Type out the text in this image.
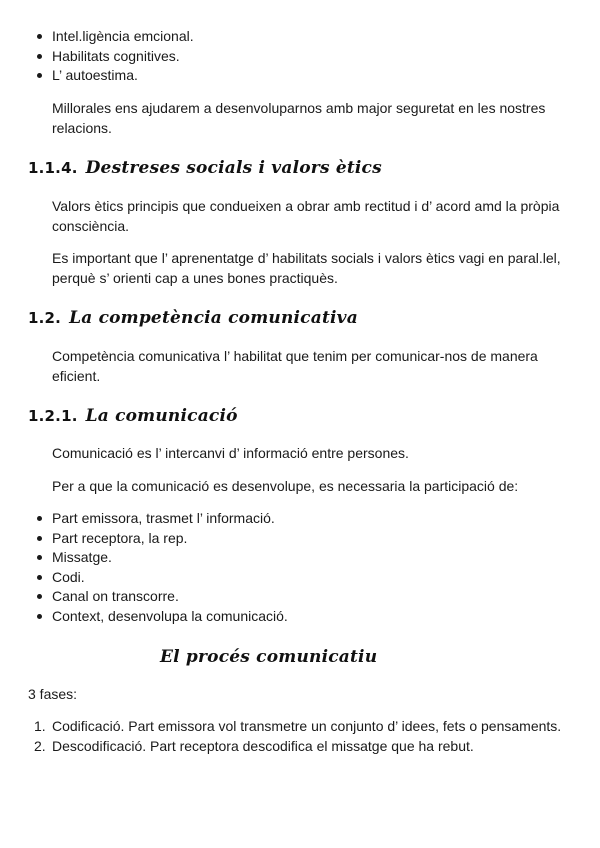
Intel.ligència emcional.
Habilitats cognitives.
L’ autoestima.

Millorales ens ajudarem a desenvoluparnos amb major seguretat en les nostres relacions.

1.1.4. Destreses socials i valors ètics

Valors ètics principis que condueixen a obrar amb rectitud i d’ acord amd la pròpia consciència.

Es important que l’ aprenentatge d’ habilitats socials i valors ètics vagi en paral.lel, perquè s’ orienti cap a unes bones practiquès.

1.2. La competència comunicativa

Competència comunicativa l’ habilitat que tenim per comunicar-nos de manera eficient.

1.2.1. La comunicació

Comunicació es l’ intercanvi d’ informació entre persones.

Per a que la comunicació es desenvolupe, es necessaria la participació de:

Part emissora, trasmet l’ informació.
Part receptora, la rep.
Missatge.
Codi.
Canal on transcorre.
Context, desenvolupa la comunicació.
El procés comunicatiu

3 fases:

1. Codificació. Part emissora vol transmetre un conjunto d’ idees, fets o pensaments.
2. Descodificació. Part receptora descodifica el missatge que ha rebut.
